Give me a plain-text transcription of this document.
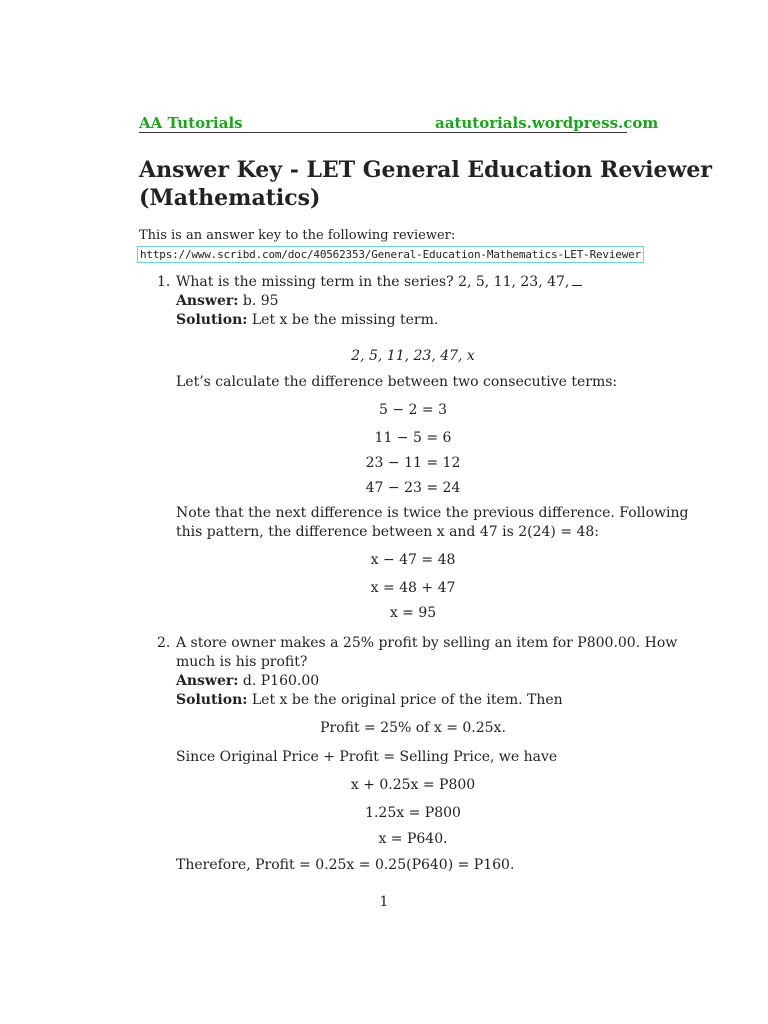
AA Tutorials	aatutorials.wordpress.com
Answer Key - LET General Education Reviewer
(Mathematics)
This is an answer key to the following reviewer:
https://www.scribd.com/doc/40562353/General-Education-Mathematics-LET-Reviewer
1. What is the missing term in the series? 2, 5, 11, 23, 47,
Answer: b. 95
Solution: Let x be the missing term.
2, 5, 11, 23, 47, x
Let’s calculate the difference between two consecutive terms:
5 − 2 = 3
11 − 5 = 6
23 − 11 = 12
47 − 23 = 24
Note that the next difference is twice the previous difference. Following
this pattern, the difference between x and 47 is 2(24) = 48:
x − 47 = 48
x = 48 + 47
x = 95
2. A store owner makes a 25% profit by selling an item for P800.00. How
much is his profit?
Answer: d. P160.00
Solution: Let x be the original price of the item. Then
Profit = 25% of x = 0.25x.
Since Original Price + Profit = Selling Price, we have
x + 0.25x = P800
1.25x = P800
x = P640.
Therefore, Profit = 0.25x = 0.25(P640) = P160.
1
